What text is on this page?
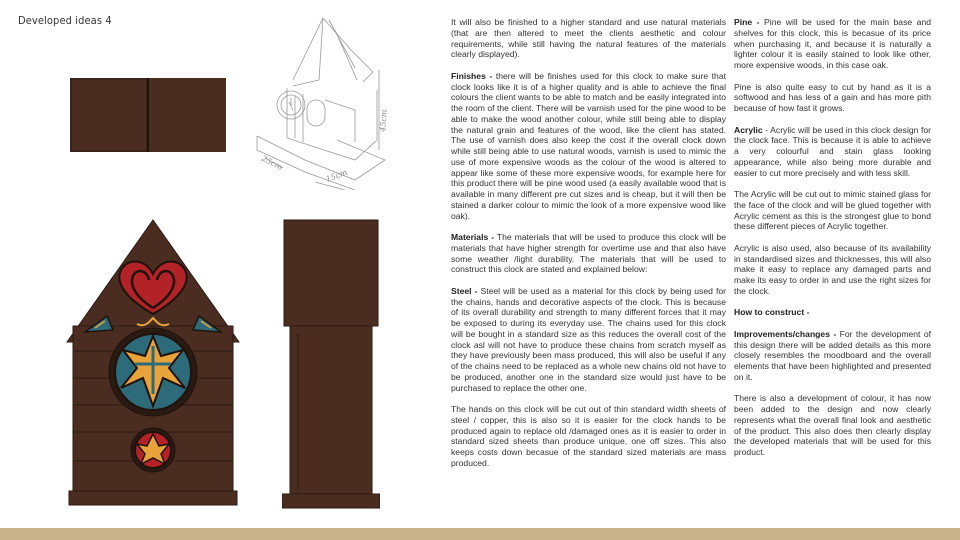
Developed ideas 4
25cm
15cm
45cm

It will also be finished to a higher standard and use natural materials (that are then altered to meet the clients aesthetic and colour requirements, while still having the natural features of the materials clearly displayed).

Finishes - there will be finishes used for this clock to make sure that clock looks like it is of a higher quality and is able to achieve the final colours the client wants to be able to match and be easily integrated into the room of the client. There will be varnish used for the pine wood to be able to make the wood another colour, while still being able to display the natural grain and features of the wood, like the client has stated. The use of varnish does also keep the cost if the overall clock down while still being able to use natural woods, varnish is used to mimic the use of more expensive woods as the colour of the wood is altered to appear like some of these more expensive woods, for example here for this product there will be pine wood used (a easily available wood that is available in many different pre cut sizes and is cheap, but it will then be stained a darker colour to mimic the look of a more expensive wood like oak).

Materials - The materials that will be used to produce this clock will be materials that have higher strength for overtime use and that also have some weather /light durability. The materials that will be used to construct this clock are stated and explained below:

Steel - Steel will be used as a material for this clock by being used for the chains, hands and decorative aspects of the clock. This is because of its overall durability and strength to many different forces that it may be exposed to during its everyday use. The chains used for this clock will be bought in a standard size as this reduces the overall cost of the clock asl will not have to produce these chains from scratch myself as they have previously been mass produced, this will also be useful if any of the chains need to be replaced as a whole new chains old not have to be produced, another one in the standard size would just have to be purchased to replace the other one.

The hands on this clock will be cut out of thin standard width sheets of steel / copper, this is also so it is easier for the clock hands to be produced again to replace old /damaged ones as it is easier to order in standard sized sheets than produce unique, one off sizes. This also keeps costs down becasue of the standard sized materials are mass produced.

Pine - Pine will be used for the main base and shelves for this clock, this is becasue of its price when purchasing it, and because it is naturally a lighter colour it is easily stained to look like other, more expensive woods, in this case oak.

Pine is also quite easy to cut by hand as it is a softwood and has less of a gain and has more pith because of how fast it grows.

Acrylic - Acrylic will be used in this clock design for the clock face. This is because it is able to achieve a very colourful and stain glass looking appearance, while also being more durable and easier to cut more precisely and with less skill.

The Acrylic will be cut out to mimic stained glass for the face of the clock and will be glued together with Acrylic cement as this is the strongest glue to bond these different pieces of Acrylic together.

Acrylic is also used, also because of its availability in standardised sizes and thicknesses, this will also make it easy to replace any damaged parts and make its easy to order in and use the right sizes for the clock.

How to construct -

Improvements/changes - For the development of this design there will be added details as this more closely resembles the moodboard and the overall elements that have been highlighted and presented on it.

There is also a development of colour, it has now been added to the design and now clearly represents what the overall final look and aesthetic of the product. This also does then clearly display the developed materials that will be used for this product.
